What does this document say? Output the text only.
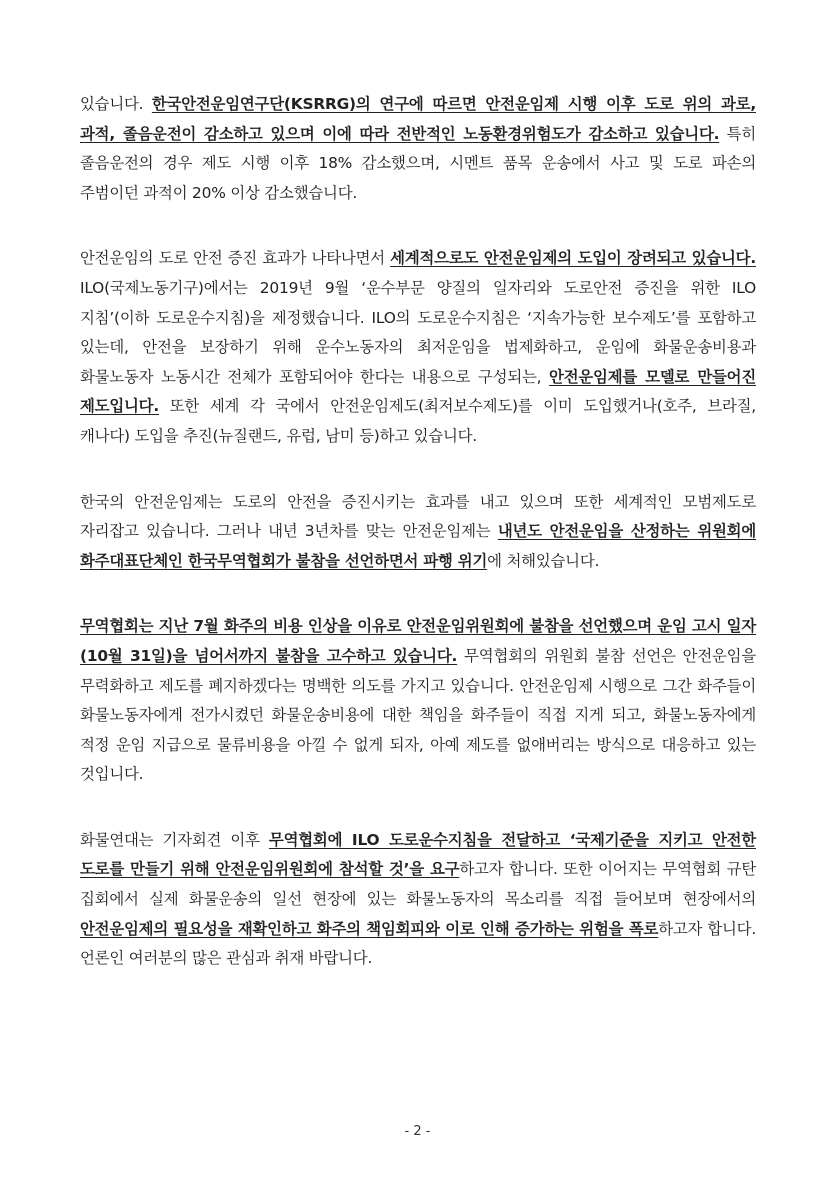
있습니다. 한국안전운임연구단(KSRRG)의 연구에 따르면 안전운임제 시행 이후 도로 위의 과로, 과적, 졸음운전이 감소하고 있으며 이에 따라 전반적인 노동환경위험도가 감소하고 있습니다. 특히 졸음운전의 경우 제도 시행 이후 18% 감소했으며, 시멘트 품목 운송에서 사고 및 도로 파손의 주범이던 과적이 20% 이상 감소했습니다.

안전운임의 도로 안전 증진 효과가 나타나면서 세계적으로도 안전운임제의 도입이 장려되고 있습니다. ILO(국제노동기구)에서는 2019년 9월 ‘운수부문 양질의 일자리와 도로안전 증진을 위한 ILO 지침’(이하 도로운수지침)을 제정했습니다. ILO의 도로운수지침은 ‘지속가능한 보수제도’를 포함하고 있는데, 안전을 보장하기 위해 운수노동자의 최저운임을 법제화하고, 운임에 화물운송비용과 화물노동자 노동시간 전체가 포함되어야 한다는 내용으로 구성되는, 안전운임제를 모델로 만들어진 제도입니다. 또한 세계 각 국에서 안전운임제도(최저보수제도)를 이미 도입했거나(호주, 브라질, 캐나다) 도입을 추진(뉴질랜드, 유럽, 남미 등)하고 있습니다.

한국의 안전운임제는 도로의 안전을 증진시키는 효과를 내고 있으며 또한 세계적인 모범제도로 자리잡고 있습니다. 그러나 내년 3년차를 맞는 안전운임제는 내년도 안전운임을 산정하는 위원회에 화주대표단체인 한국무역협회가 불참을 선언하면서 파행 위기에 처해있습니다.

무역협회는 지난 7월 화주의 비용 인상을 이유로 안전운임위원회에 불참을 선언했으며 운임 고시 일자(10월 31일)을 넘어서까지 불참을 고수하고 있습니다. 무역협회의 위원회 불참 선언은 안전운임을 무력화하고 제도를 폐지하겠다는 명백한 의도를 가지고 있습니다. 안전운임제 시행으로 그간 화주들이 화물노동자에게 전가시켰던 화물운송비용에 대한 책임을 화주들이 직접 지게 되고, 화물노동자에게 적정 운임 지급으로 물류비용을 아낄 수 없게 되자, 아예 제도를 없애버리는 방식으로 대응하고 있는 것입니다.

화물연대는 기자회견 이후 무역협회에 ILO 도로운수지침을 전달하고 ‘국제기준을 지키고 안전한 도로를 만들기 위해 안전운임위원회에 참석할 것’을 요구하고자 합니다. 또한 이어지는 무역협회 규탄 집회에서 실제 화물운송의 일선 현장에 있는 화물노동자의 목소리를 직접 들어보며 현장에서의 안전운임제의 필요성을 재확인하고 화주의 책임회피와 이로 인해 증가하는 위험을 폭로하고자 합니다. 언론인 여러분의 많은 관심과 취재 바랍니다.

- 2 -
